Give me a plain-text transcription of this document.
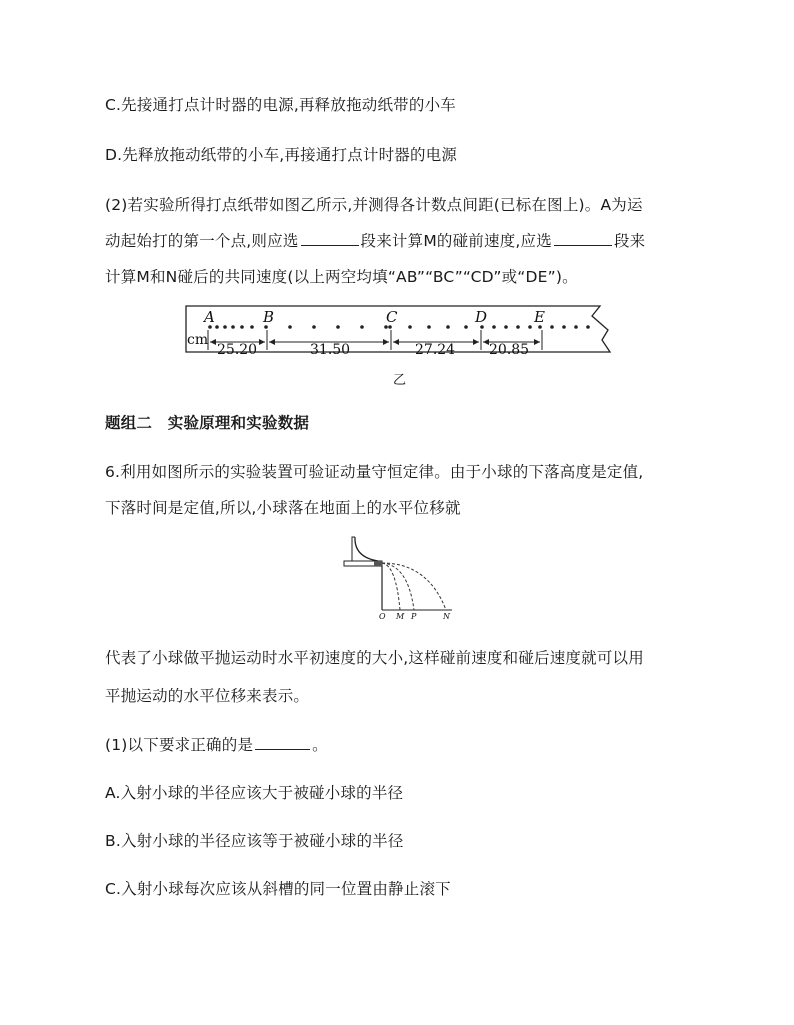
C.先接通打点计时器的电源,再释放拖动纸带的小车
D.先释放拖动纸带的小车,再接通打点计时器的电源
(2)若实验所得打点纸带如图乙所示,并测得各计数点间距(已标在图上)。A为运
动起始打的第一个点,则应选	段来计算M的碰前速度,应选	段来
计算M和N碰后的共同速度(以上两空均填“AB”“BC”“CD”或“DE”)。
A	B	C	D	E
cm
25.20	31.50	27.24 20.85
乙
题组二　实验原理和实验数据
6.利用如图所示的实验装置可验证动量守恒定律。由于小球的下落高度是定值,
下落时间是定值,所以,小球落在地面上的水平位移就
O M P	N
代表了小球做平抛运动时水平初速度的大小,这样碰前速度和碰后速度就可以用
平抛运动的水平位移来表示。
(1)以下要求正确的是	。
A.入射小球的半径应该大于被碰小球的半径
B.入射小球的半径应该等于被碰小球的半径
C.入射小球每次应该从斜槽的同一位置由静止滚下
